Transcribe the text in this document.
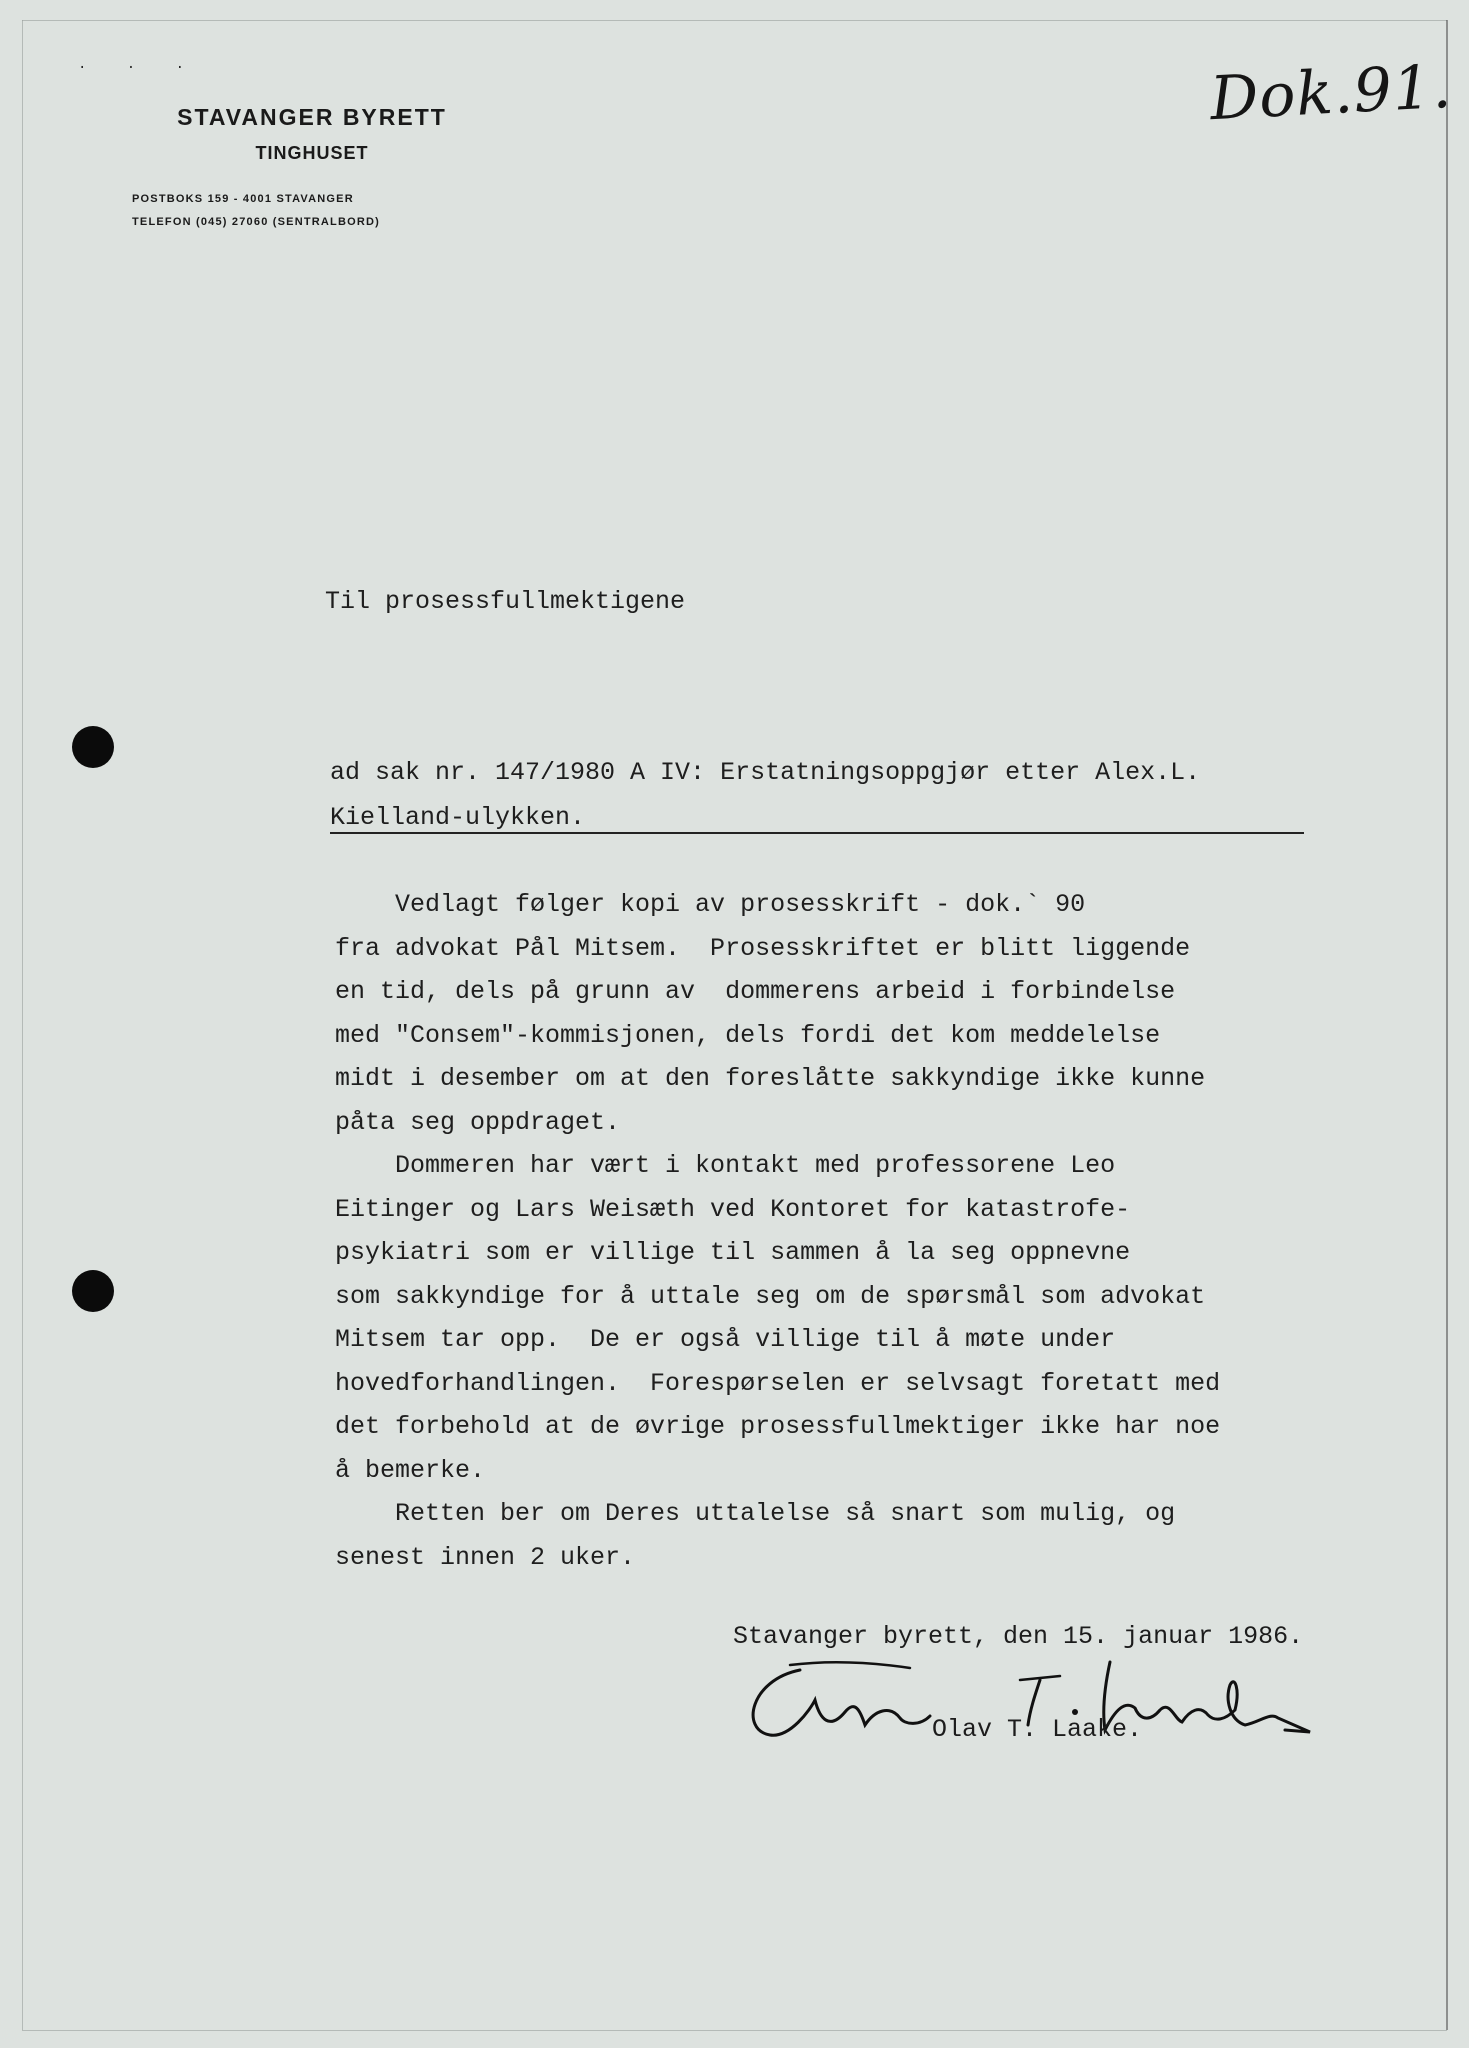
· · ·
STAVANGER BYRETT
TINGHUSET
POSTBOKS 159 - 4001 STAVANGER
TELEFON (045) 27060 (SENTRALBORD)
Dok.91.
Til prosessfullmektigene
ad sak nr. 147/1980 A IV: Erstatningsoppgjør etter Alex.L.
Kielland-ulykken.
Vedlagt følger kopi av prosesskrift - dok.` 90
fra advokat Pål Mitsem.  Prosesskriftet er blitt liggende
en tid, dels på grunn av  dommerens arbeid i forbindelse
med "Consem"-kommisjonen, dels fordi det kom meddelelse
midt i desember om at den foreslåtte sakkyndige ikke kunne
påta seg oppdraget.
Dommeren har vært i kontakt med professorene Leo
Eitinger og Lars Weisæth ved Kontoret for katastrofe-
psykiatri som er villige til sammen å la seg oppnevne
som sakkyndige for å uttale seg om de spørsmål som advokat
Mitsem tar opp.  De er også villige til å møte under
hovedforhandlingen.  Forespørselen er selvsagt foretatt med
det forbehold at de øvrige prosessfullmektiger ikke har noe
å bemerke.
Retten ber om Deres uttalelse så snart som mulig, og
senest innen 2 uker.
Stavanger byrett, den 15. januar 1986.
Olav T. Laake.
